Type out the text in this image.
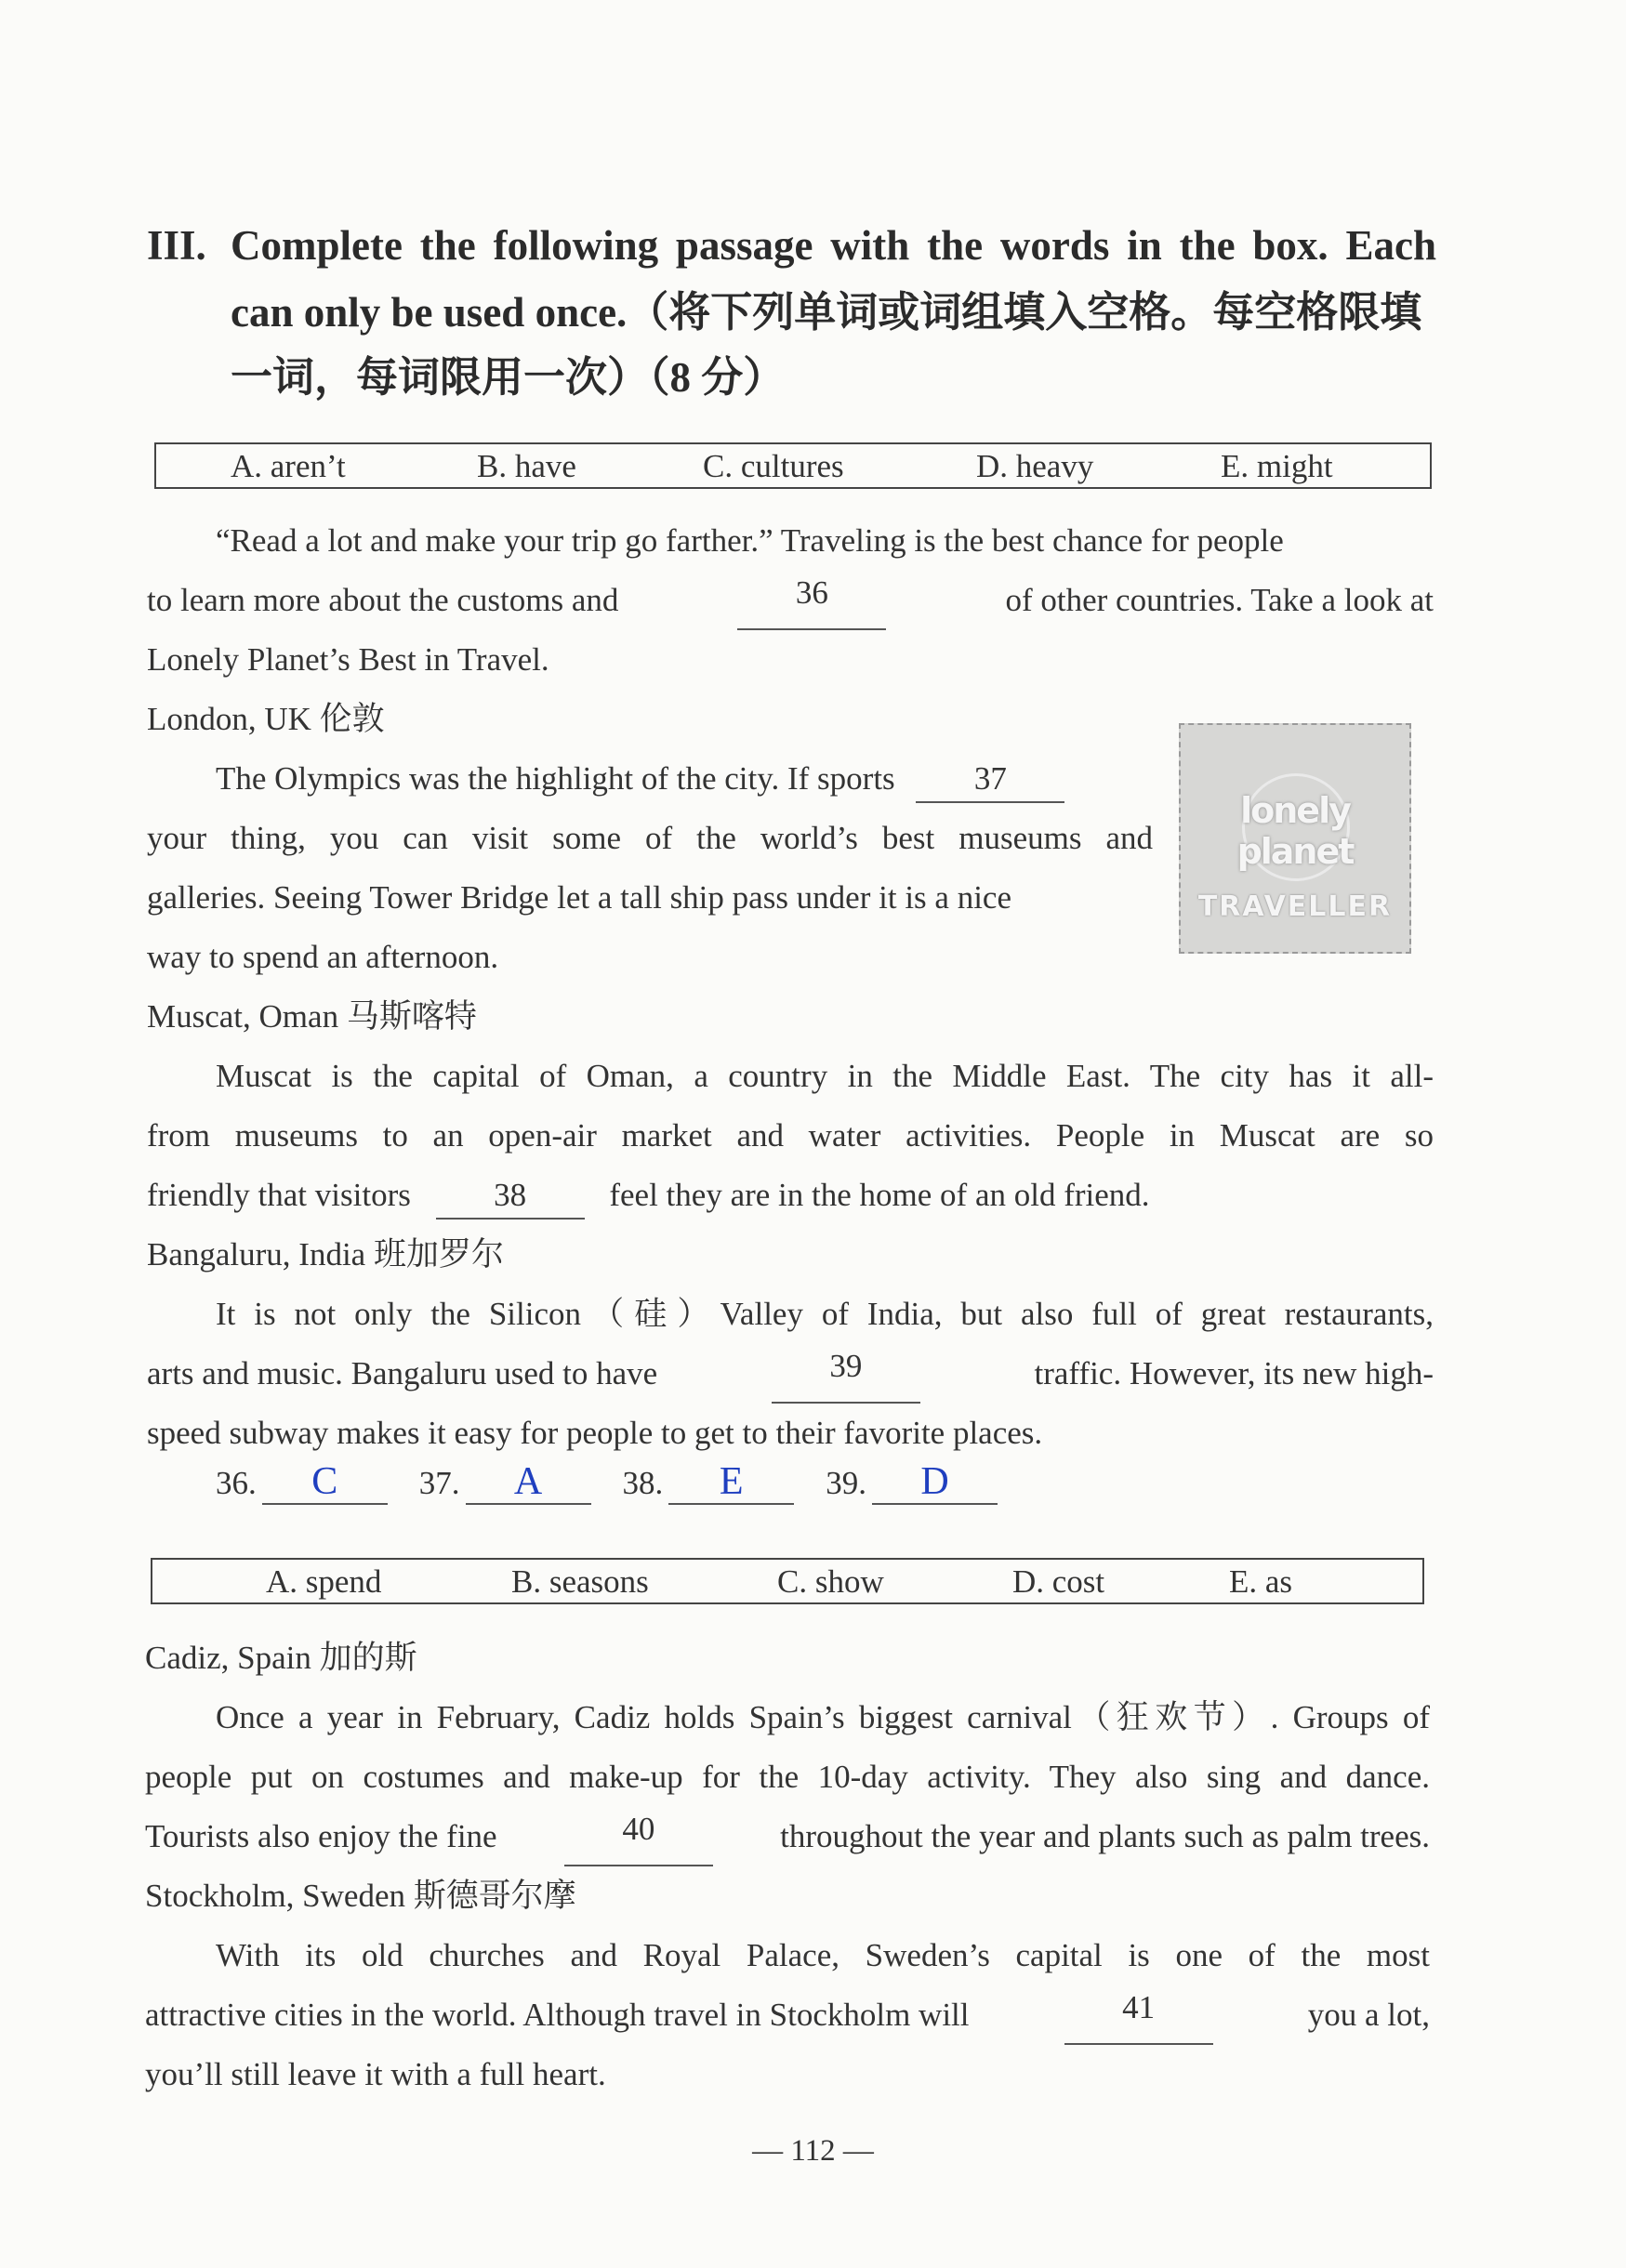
III. Complete the following passage with the words in the box. Each
can only be used once.（将下列单词或词组填入空格。每空格限填
一词，每词限用一次）（8 分）
A. aren’t	B. have	C. cultures	D. heavy	E. might
“Read a lot and make your trip go farther.” Traveling is the best chance for people
to learn more about the customs and	36	of other countries. Take a look at
Lonely Planet’s Best in Travel.
London, UK 伦敦
The Olympics was the highlight of the city. If sports 37
your thing, you can visit some of the world’s best museums and
galleries. Seeing Tower Bridge let a tall ship pass under it is a nice
way to spend an afternoon.
lonely planet
TRAVELLER
Muscat, Oman 马斯喀特
Muscat is the capital of Oman, a country in the Middle East. The city has it all-
from museums to an open-air market and water activities. People in Muscat are so
friendly that visitors	38	feel they are in the home of an old friend.
Bangaluru, India 班加罗尔
It is not only the Silicon（硅）Valley of India, but also full of great restaurants,
arts and music. Bangaluru used to have	39	traffic. However, its new high-
speed subway makes it easy for people to get to their favorite places.
36. C	37. A 38. E	39. D
A. spend	B. seasons	C. show	D. cost	E. as
Cadiz, Spain 加的斯
Once a year in February, Cadiz holds Spain’s biggest carnival（狂欢节）. Groups of
people put on costumes and make-up for the 10-day activity. They also sing and dance.
Tourists also enjoy the fine	40	throughout the year and plants such as palm trees.
Stockholm, Sweden 斯德哥尔摩
With its old churches and Royal Palace, Sweden’s capital is one of the most
attractive cities in the world. Although travel in Stockholm will	41	you a lot,
you’ll still leave it with a full heart.
— 112 —
